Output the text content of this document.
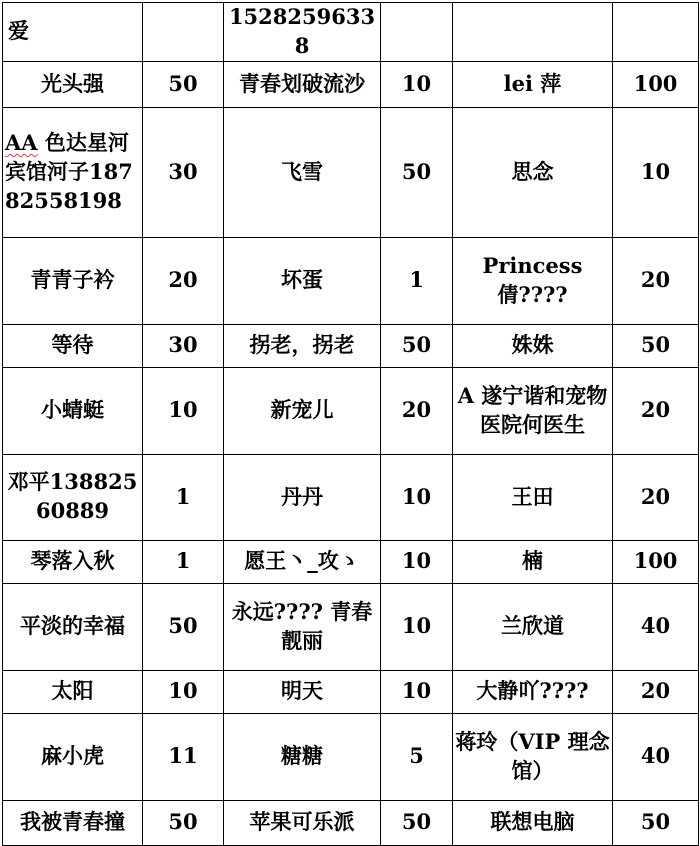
爱		15282596338			
光头强	50	青春划破流沙	10	lei 萍	100
AA 色达星河宾馆河子18782558198	30	飞雪	50	思念	10
青青子衿	20	坏蛋	1	Princess 倩????	20
等待	30	拐老，拐老	50	姝姝	50
小蜻蜓	10	新宠儿	20	A 遂宁谐和宠物医院何医生	20
邓平13882560889	1	丹丹	10	王田	20
琴落入秋	1	愿王丶_攻ゝ	10	楠	100
平淡的幸福	50	永远???? 青春靓丽	10	兰欣道	40
太阳	10	明天	10	大静吖????	20
麻小虎	11	糖糖	5	蒋玲（VIP 理念馆）	40
我被青春撞	50	苹果可乐派	50	联想电脑	50
